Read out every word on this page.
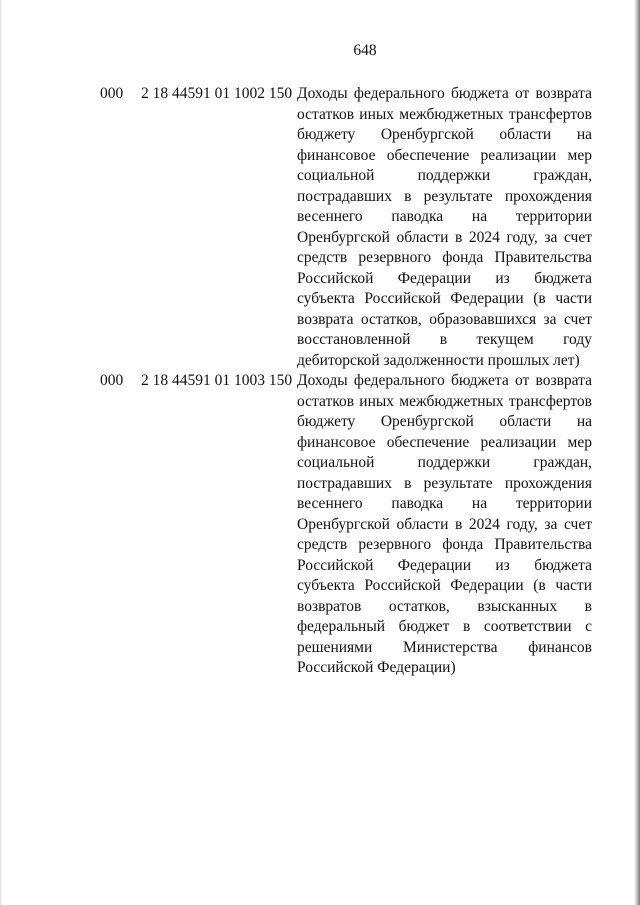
648
000 2 18 44591 01 1002 150 Доходы федерального бюджета от возврата остатков иных межбюджетных трансфертов бюджету Оренбургской области на финансовое обеспечение реализации мер социальной поддержки граждан, пострадавших в результате прохождения весеннего паводка на территории Оренбургской области в 2024 году, за счет средств резервного фонда Правительства Российской Федерации из бюджета субъекта Российской Федерации (в части возврата остатков, образовавшихся за счет восстановленной в текущем году дебиторской задолженности прошлых лет)

000 2 18 44591 01 1003 150 Доходы федерального бюджета от возврата остатков иных межбюджетных трансфертов бюджету Оренбургской области на финансовое обеспечение реализации мер социальной поддержки граждан, пострадавших в результате прохождения весеннего паводка на территории Оренбургской области в 2024 году, за счет средств резервного фонда Правительства Российской Федерации из бюджета субъекта Российской Федерации (в части возвратов остатков, взысканных в федеральный бюджет в соответствии с решениями Министерства финансов Российской Федерации)
